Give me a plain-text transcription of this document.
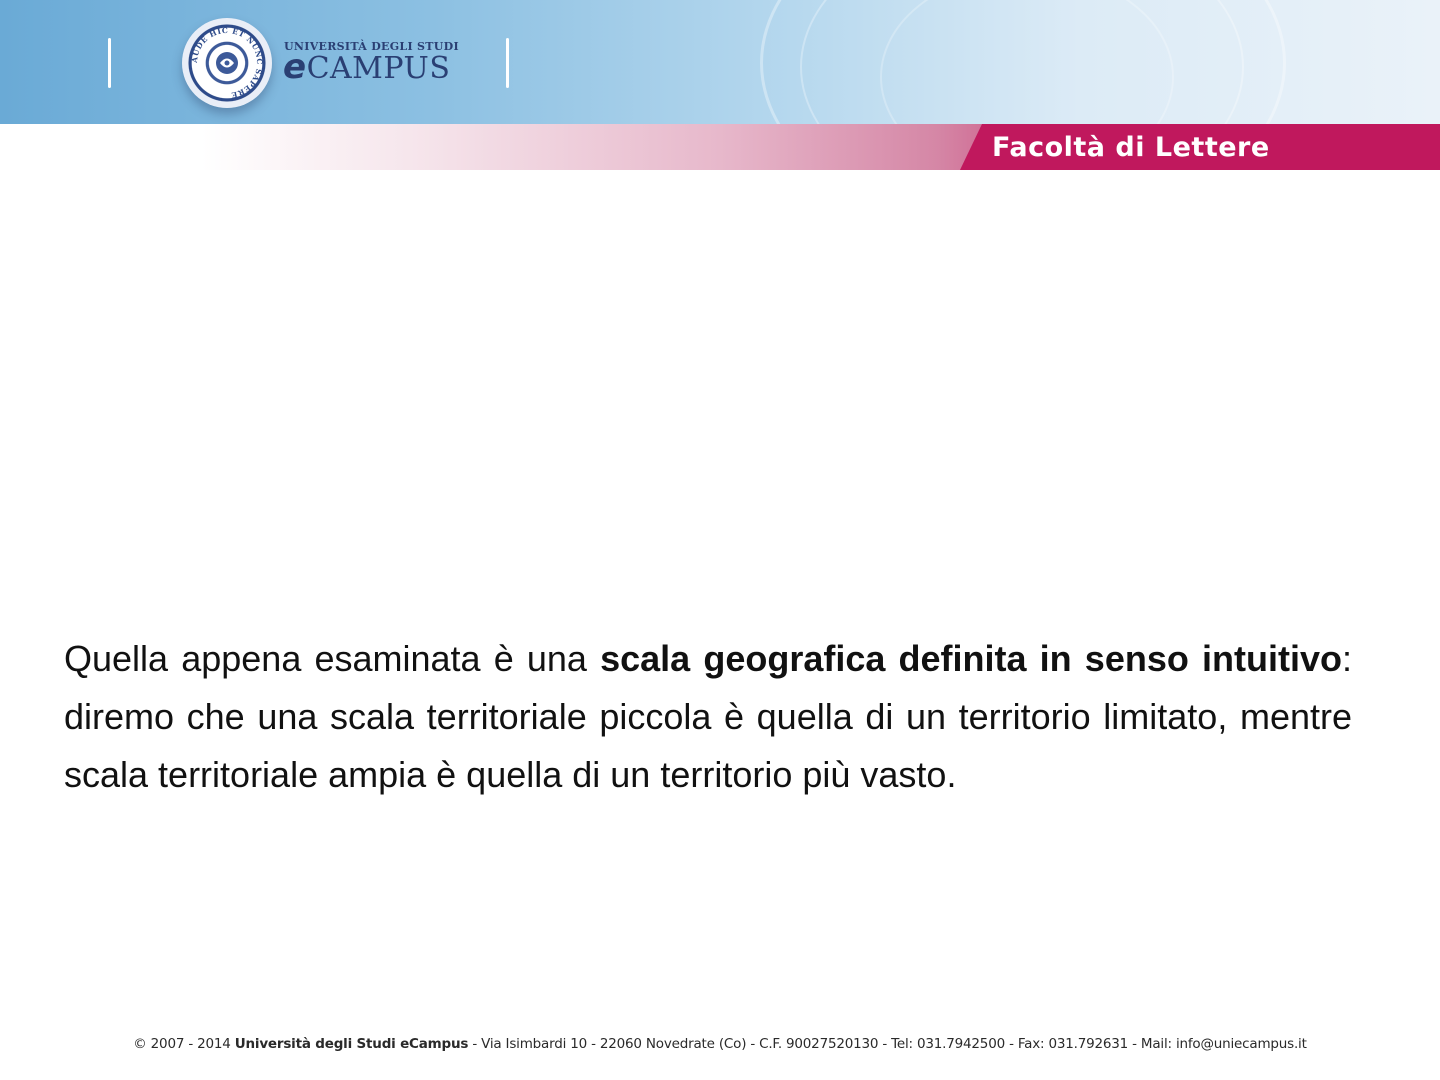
Facoltà di Lettere
AUDE HIC ET NUNC SAPERE
UNIVERSITÀ DEGLI STUDI
eCAMPUS
Quella appena esaminata è una scala geografica definita in senso intuitivo: diremo che una scala territoriale piccola è quella di un territorio limitato, mentre scala territoriale ampia è quella di un territorio più vasto.
© 2007 - 2014 Università degli Studi eCampus - Via Isimbardi 10 - 22060 Novedrate (Co) - C.F. 90027520130 - Tel: 031.7942500 - Fax: 031.792631 - Mail: info@uniecampus.it
